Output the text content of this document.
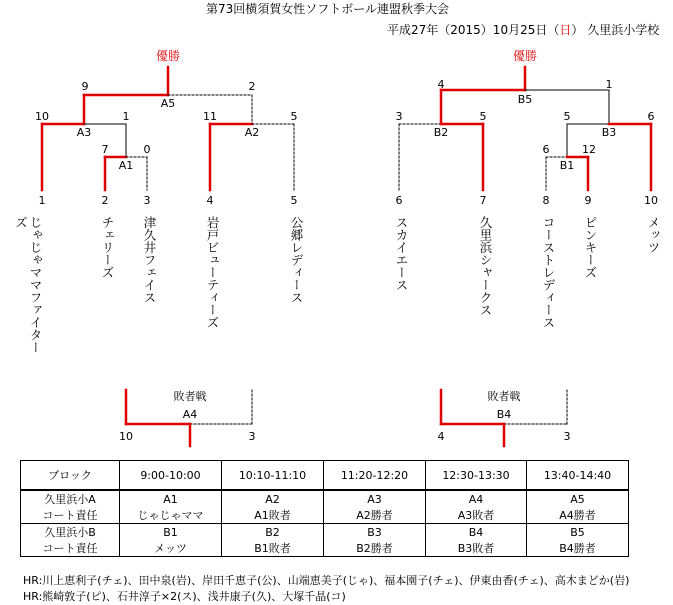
第73回横須賀女性ソフトボール連盟秋季大会
平成27年（2015）10月25日（日） 久里浜小学校
優勝
9	2
A5
10	1
A3
7	0
A1
11	5
A2
1	2	3	4	5
じゃじゃママファイターズ	チェリーズ	津久井フェイス	岩戸ビューティーズ	公郷レディース
優勝
4	1
B5
3	5
B2
5	6
B3
6	12
B1
6	7	8	9	10
スカイエース	久里浜シャークス	コーストレディース	ピンキーズ	メッツ
敗者戦
A4
10	3
敗者戦
B4
4	3
ブロック	9:00-10:00	10:10-11:10	11:20-12:20	12:30-13:30	13:40-14:40
久里浜小A	A1	A2	A3	A4	A5
コート責任	じゃじゃママ	A1敗者	A2勝者	A3敗者	A4勝者
久里浜小B	B1	B2	B3	B4	B5
コート責任	メッツ	B1敗者	B2勝者	B3敗者	B4勝者
HR:川上恵利子(チェ)、田中泉(岩)、岸田千恵子(公)、山端恵美子(じゃ)、福本園子(チェ)、伊東由香(チェ)、高木まどか(岩)
HR:熊崎敦子(ピ)、石井淳子×2(ス)、浅井康子(久)、大塚千晶(コ)
